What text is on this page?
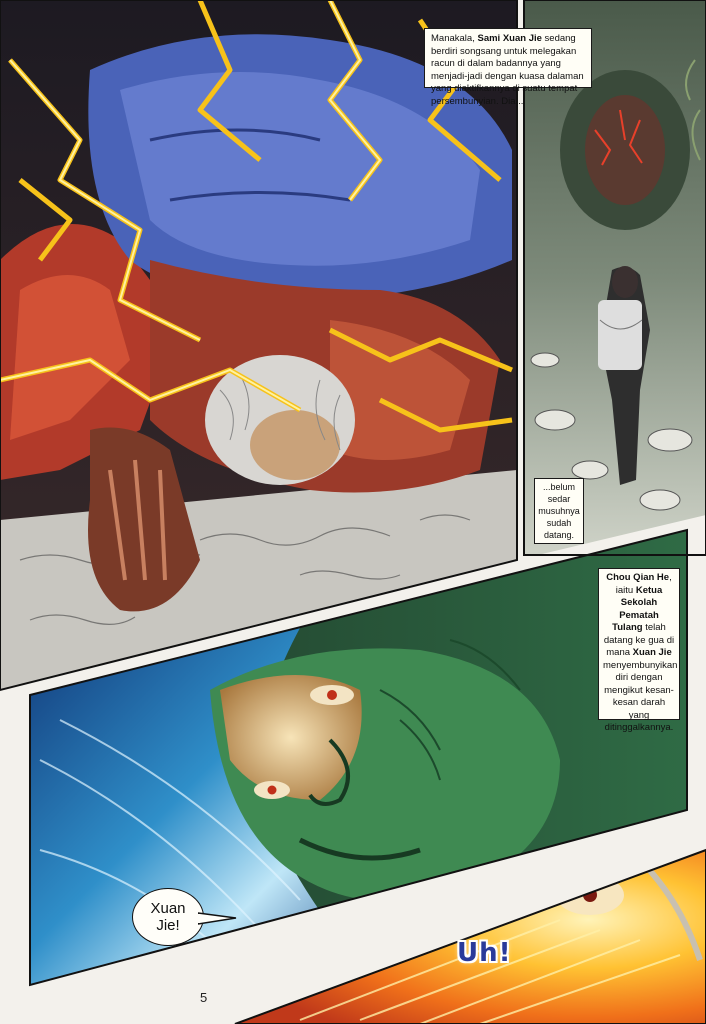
Manakala, Sami Xuan Jie sedang berdiri songsang untuk melegakan racun di dalam badannya yang menjadi-jadi dengan kuasa dalaman yang diaktifkannya di suatu tempat persembunyian. Dia...
...belum sedar musuhnya sudah datang.
Chou Qian He, iaitu Ketua Sekolah Pematah Tulang telah datang ke gua di mana Xuan Jie menyembunyikan diri dengan mengikut kesan-kesan darah yang ditinggalkannya.
Xuan Jie!
Uh!
5
